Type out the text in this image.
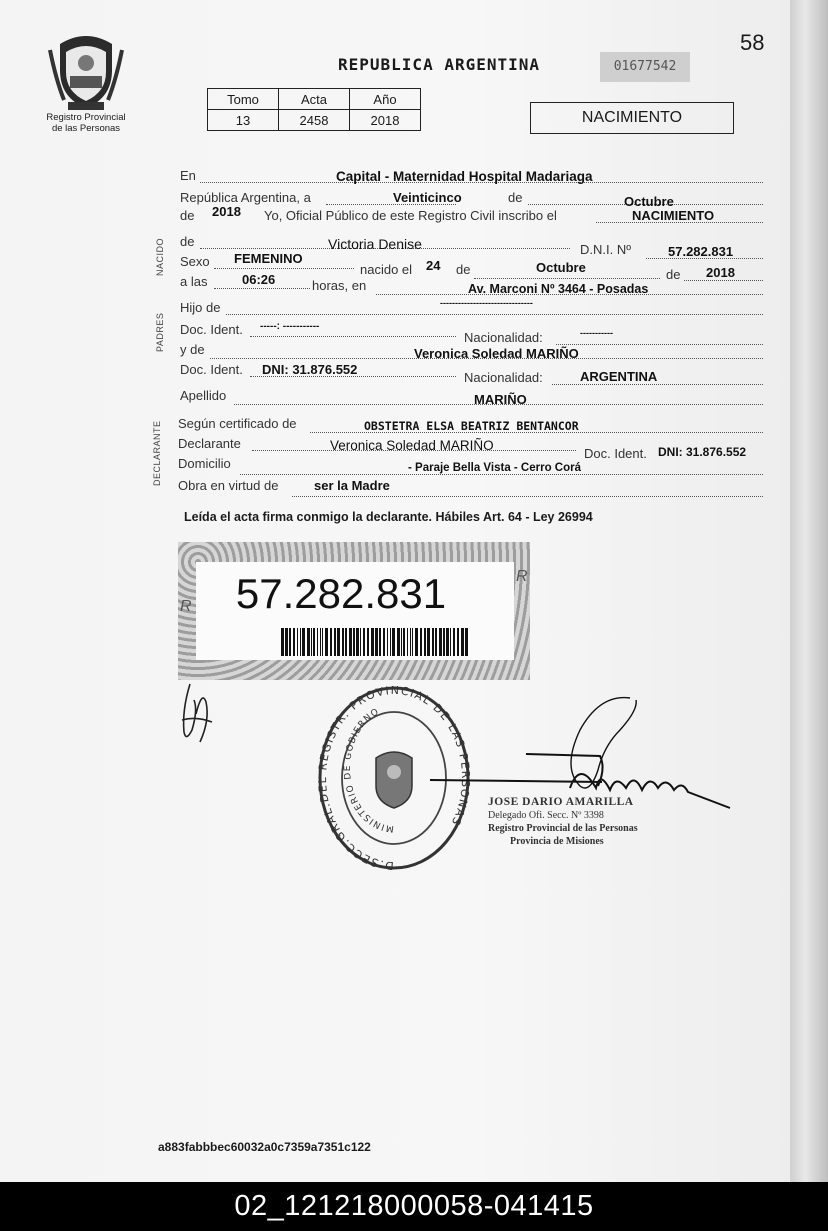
58
Registro Provincial
de las Personas
REPUBLICA ARGENTINA	01677542
Tomo	Acta	Año
13	2458	2018	NACIMIENTO
NACIDO
PADRES
DECLARANTE
En	Capital - Maternidad Hospital Madariaga
República Argentina, a	Veinticinco	de	Octubre
de 2018 Yo, Oficial Público de este Registro Civil inscribo el	NACIMIENTO
de	Victoria Denise	D.N.I. Nº	57.282.831
Sexo FEMENINO
nacido el 24 de	Octubre	de 2018
a las	06:26	horas, en	Av. Marconi Nº 3464 - Posadas
Hijo de	-------------------------------
Doc. Ident. -----: -----------
Nacionalidad:	-----------
y de	Veronica Soledad MARIÑO
Doc. Ident. DNI: 31.876.552
Nacionalidad:	ARGENTINA
Apellido	MARIÑO
Según certificado de	OBSTETRA ELSA BEATRIZ BENTANCOR
Declarante	Veronica Soledad MARIÑO
Doc. Ident. DNI: 31.876.552
Domicilio	- Paraje Bella Vista - Cerro Corá
Obra en virtud de	ser la Madre
Leída el acta firma conmigo la declarante. Hábiles Art. 64 - Ley 26994
R
R
57.282.831
D.SECC.GRAL.DEL REGISTR. PROVINCIAL DE LAS PERSONAS
MINISTERIO DE GOBIERNO
JOSE DARIO AMARILLA
Delegado Ofi. Secc. Nº 3398
Registro Provincial de las Personas
Provincia de Misiones
a883fabbbec60032a0c7359a7351c122
02_121218000058-041415
